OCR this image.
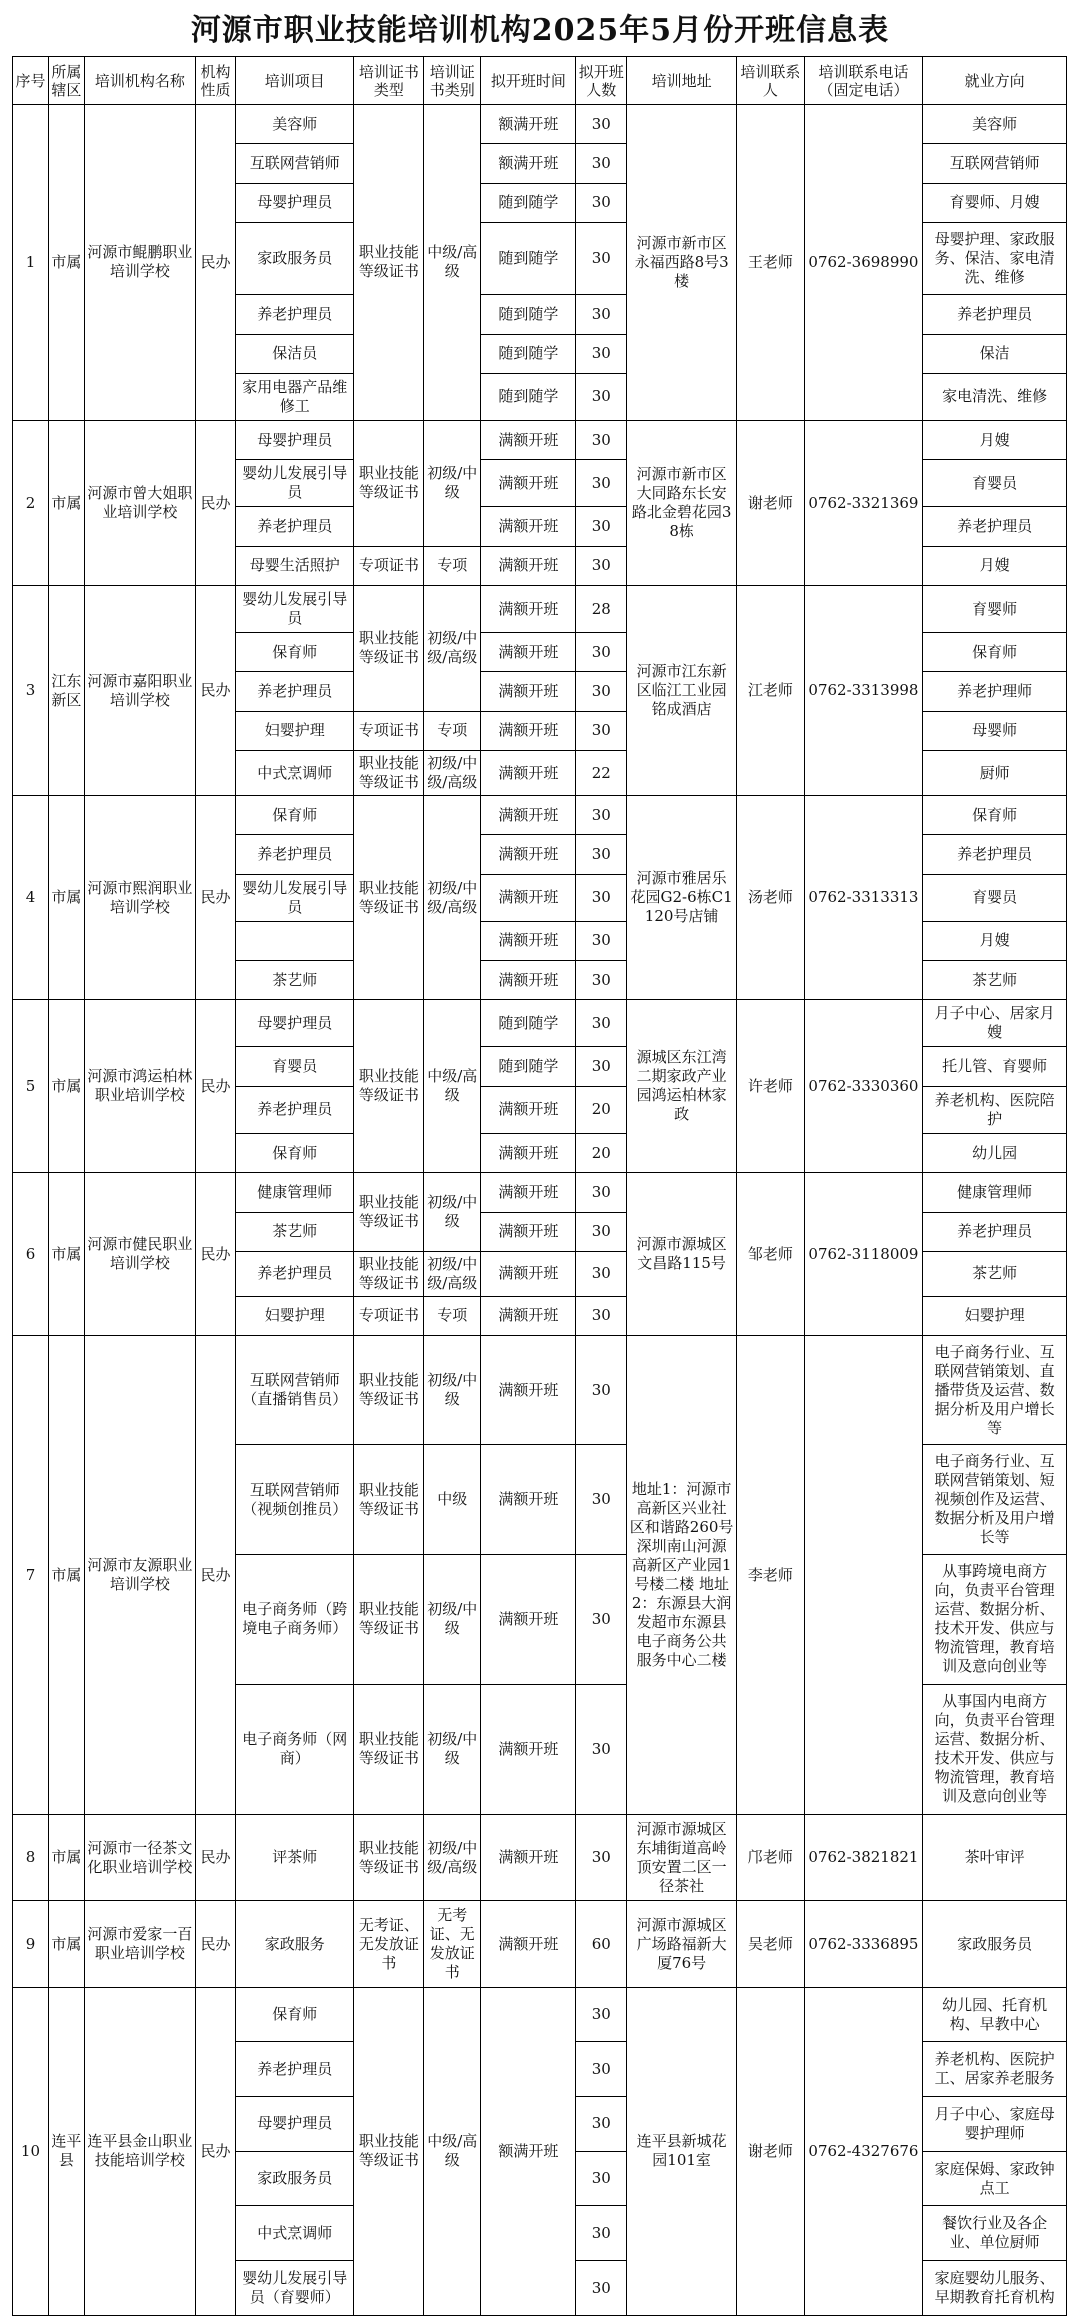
河源市职业技能培训机构2025年5月份开班信息表
序号	所属辖区	培训机构名称	机构性质	培训项目	培训证书类型	培训证书类别	拟开班时间	拟开班人数	培训地址	培训联系人	培训联系电话（固定电话）	就业方向
1	市属	河源市鲲鹏职业培训学校	民办	美容师	职业技能等级证书	中级/高级	额满开班	30	河源市新市区永福西路8号3楼	王老师	0762-3698990	美容师
				互联网营销师			额满开班	30				互联网营销师
				母婴护理员			随到随学	30				育婴师、月嫂
				家政服务员			随到随学	30				母婴护理、家政服务、保洁、家电清洗、维修
				养老护理员			随到随学	30				养老护理员
				保洁员			随到随学	30				保洁
				家用电器产品维修工			随到随学	30				家电清洗、维修
2	市属	河源市曾大姐职业培训学校	民办	母婴护理员	职业技能等级证书	初级/中级	满额开班	30	河源市新市区大同路东长安路北金碧花园38栋	谢老师	0762-3321369	月嫂
				婴幼儿发展引导员			满额开班	30				育婴员
				养老护理员			满额开班	30				养老护理员
				母婴生活照护	专项证书	专项	满额开班	30				月嫂
3	江东新区	河源市嘉阳职业培训学校	民办	婴幼儿发展引导员	职业技能等级证书	初级/中级/高级	满额开班	28	河源市江东新区临江工业园铭成酒店	江老师	0762-3313998	育婴师
				保育师			满额开班	30				保育师
				养老护理员			满额开班	30				养老护理师
				妇婴护理	专项证书	专项	满额开班	30				母婴师
				中式烹调师	职业技能等级证书	初级/中级/高级	满额开班	22				厨师
4	市属	河源市熙润职业培训学校	民办	保育师	职业技能等级证书	初级/中级/高级	满额开班	30	河源市雅居乐花园G2-6栋C1120号店铺	汤老师	0762-3313313	保育师
				养老护理员			满额开班	30				养老护理员
				婴幼儿发展引导员			满额开班	30				育婴员
							满额开班	30				月嫂
				茶艺师			满额开班	30				茶艺师
5	市属	河源市鸿运柏林职业培训学校	民办	母婴护理员	职业技能等级证书	中级/高级	随到随学	30	源城区东江湾二期家政产业园鸿运柏林家政	许老师	0762-3330360	月子中心、居家月嫂
				育婴员			随到随学	30				托儿管、育婴师
				养老护理员			满额开班	20				养老机构、医院陪护
				保育师			满额开班	20				幼儿园
6	市属	河源市健民职业培训学校	民办	健康管理师	职业技能等级证书	初级/中级	满额开班	30	河源市源城区文昌路115号	邹老师	0762-3118009	健康管理师
				茶艺师			满额开班	30				养老护理员
				养老护理员	职业技能等级证书	初级/中级/高级	满额开班	30				茶艺师
				妇婴护理	专项证书	专项	满额开班	30				妇婴护理
7	市属	河源市友源职业培训学校	民办	互联网营销师（直播销售员）	职业技能等级证书	初级/中级	满额开班	30	地址1：河源市高新区兴业社区和谐路260号深圳南山河源高新区产业园1号楼二楼 地址2：东源县大润发超市东源县电子商务公共服务中心二楼	李老师		电子商务行业、互联网营销策划、直播带货及运营、数据分析及用户增长等
				互联网营销师（视频创推员）	职业技能等级证书	中级	满额开班	30				电子商务行业、互联网营销策划、短视频创作及运营、数据分析及用户增长等
				电子商务师（跨境电子商务师）	职业技能等级证书	初级/中级	满额开班	30				从事跨境电商方向，负责平台管理运营、数据分析、技术开发、供应与物流管理，教育培训及意向创业等
				电子商务师（网商）	职业技能等级证书	初级/中级	满额开班	30				从事国内电商方向，负责平台管理运营、数据分析、技术开发、供应与物流管理，教育培训及意向创业等
8	市属	河源市一径茶文化职业培训学校	民办	评茶师	职业技能等级证书	初级/中级/高级	满额开班	30	河源市源城区东埔街道高岭顶安置二区一径茶社	邝老师	0762-3821821	茶叶审评
9	市属	河源市爱家一百职业培训学校	民办	家政服务	无考证、无发放证书	无考证、无发放证书	满额开班	60	河源市源城区广场路福新大厦76号	吴老师	0762-3336895	家政服务员
10	连平县	连平县金山职业技能培训学校	民办	保育师	职业技能等级证书	中级/高级	额满开班	30	连平县新城花园101室	谢老师	0762-4327676	幼儿园、托育机构、早教中心
				养老护理员				30				养老机构、医院护工、居家养老服务
				母婴护理员				30				月子中心、家庭母婴护理师
				家政服务员				30				家庭保姆、家政钟点工
				中式烹调师				30				餐饮行业及各企业、单位厨师
				婴幼儿发展引导员（育婴师）				30				家庭婴幼儿服务、早期教育托育机构
